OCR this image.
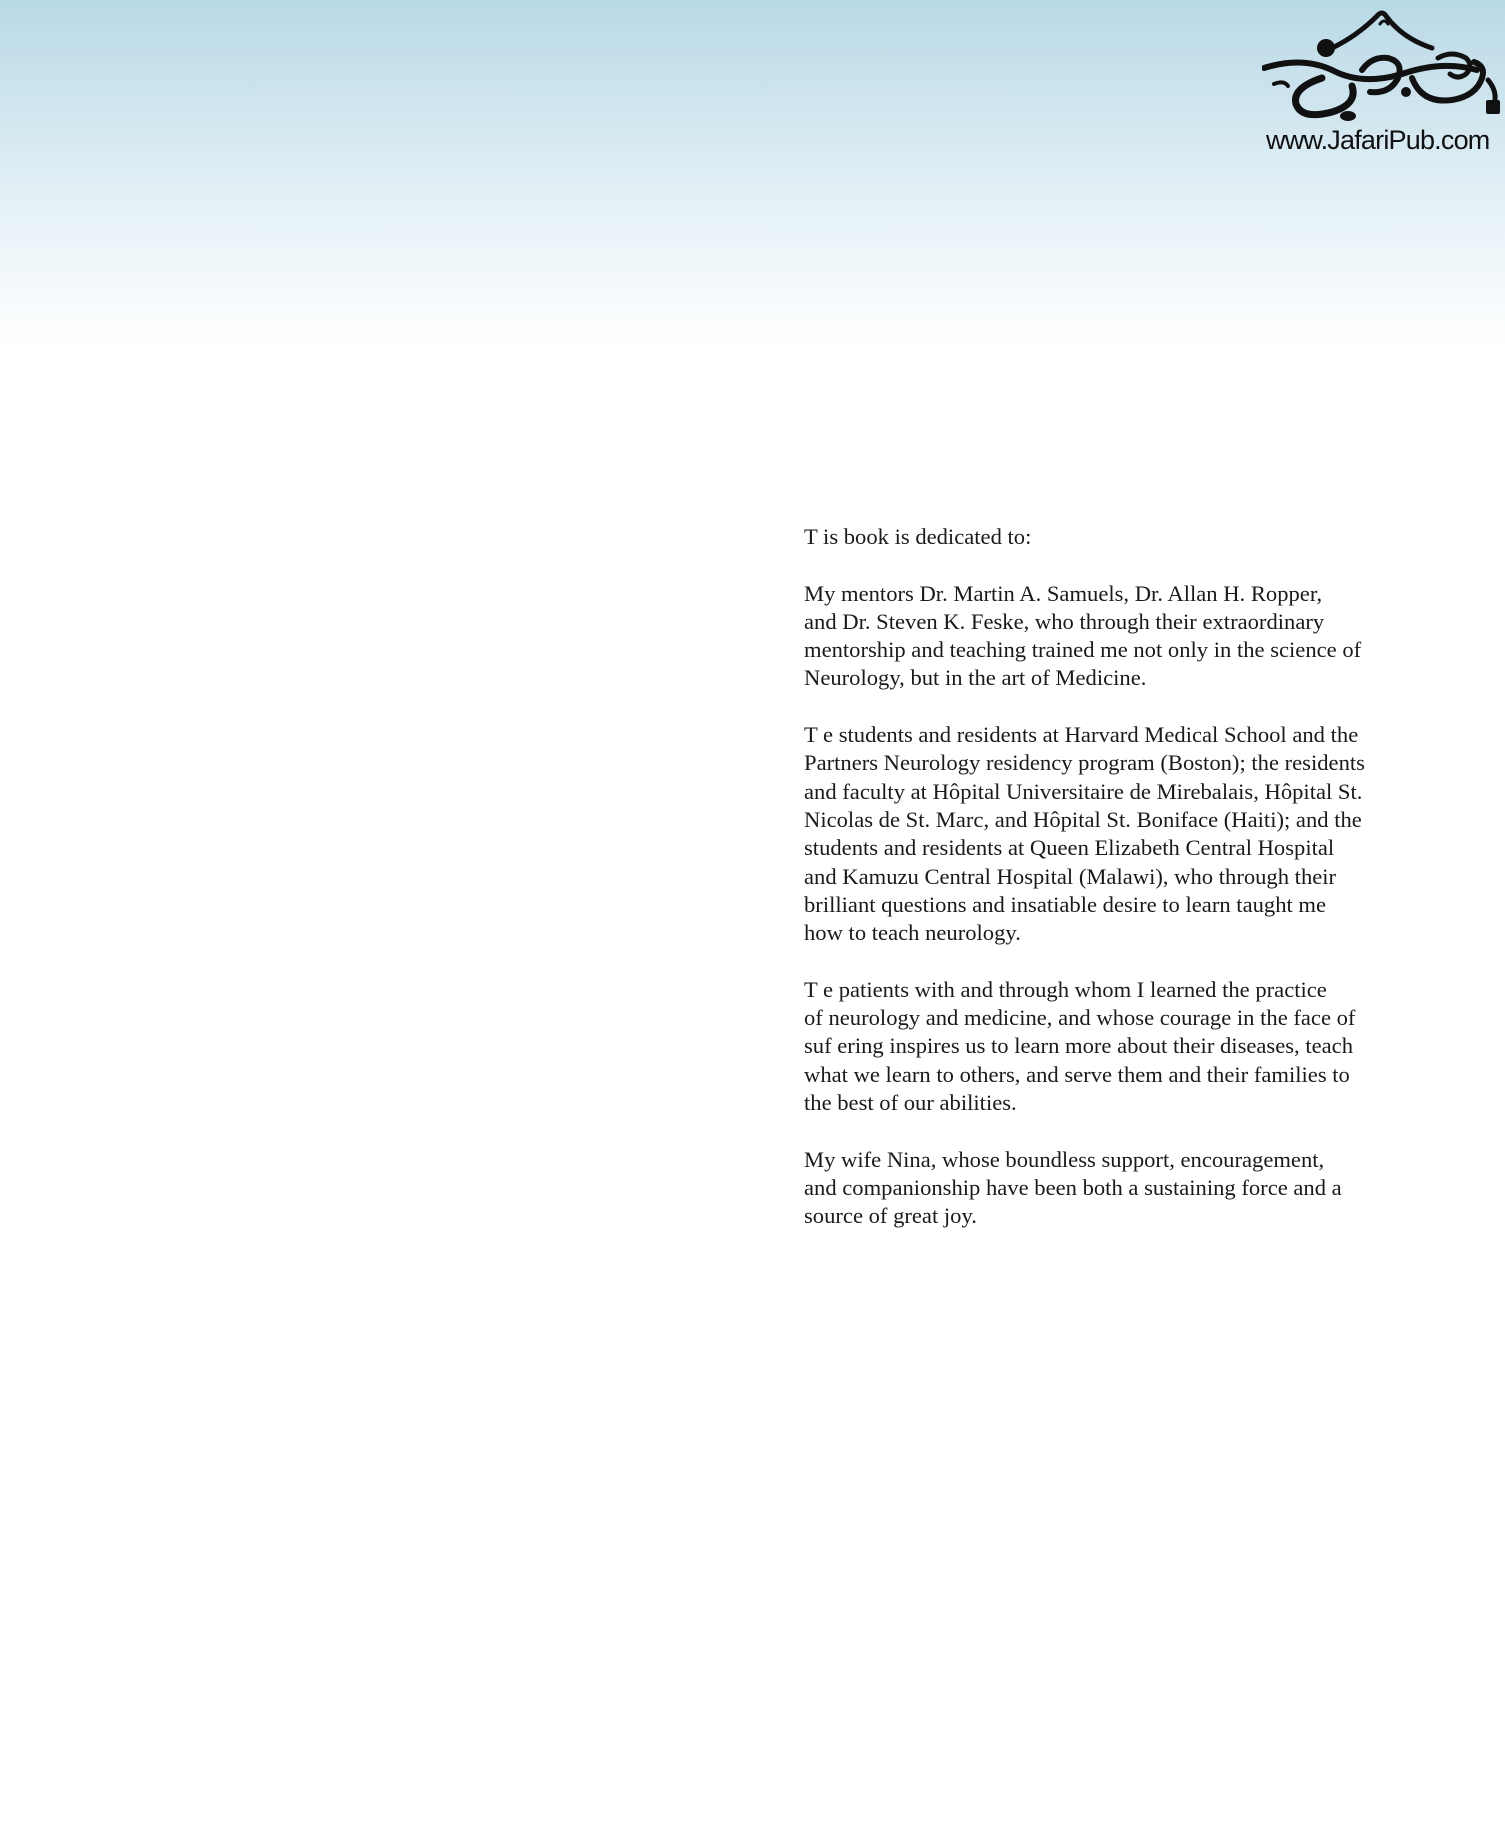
www.JafariPub.com

T is book is dedicated to:

My mentors Dr. Martin A. Samuels, Dr. Allan H. Ropper,
and Dr. Steven K. Feske, who through their extraordinary
mentorship and teaching trained me not only in the science of
Neurology, but in the art of Medicine.

T e students and residents at Harvard Medical School and the
Partners Neurology residency program (Boston); the residents
and faculty at Hôpital Universitaire de Mirebalais, Hôpital St.
Nicolas de St. Marc, and Hôpital St. Boniface (Haiti); and the
students and residents at Queen Elizabeth Central Hospital
and Kamuzu Central Hospital (Malawi), who through their
brilliant questions and insatiable desire to learn taught me
how to teach neurology.

T e patients with and through whom I learned the practice
of neurology and medicine, and whose courage in the face of
suf ering inspires us to learn more about their diseases, teach
what we learn to others, and serve them and their families to
the best of our abilities.

My wife Nina, whose boundless support, encouragement,
and companionship have been both a sustaining force and a
source of great joy.
